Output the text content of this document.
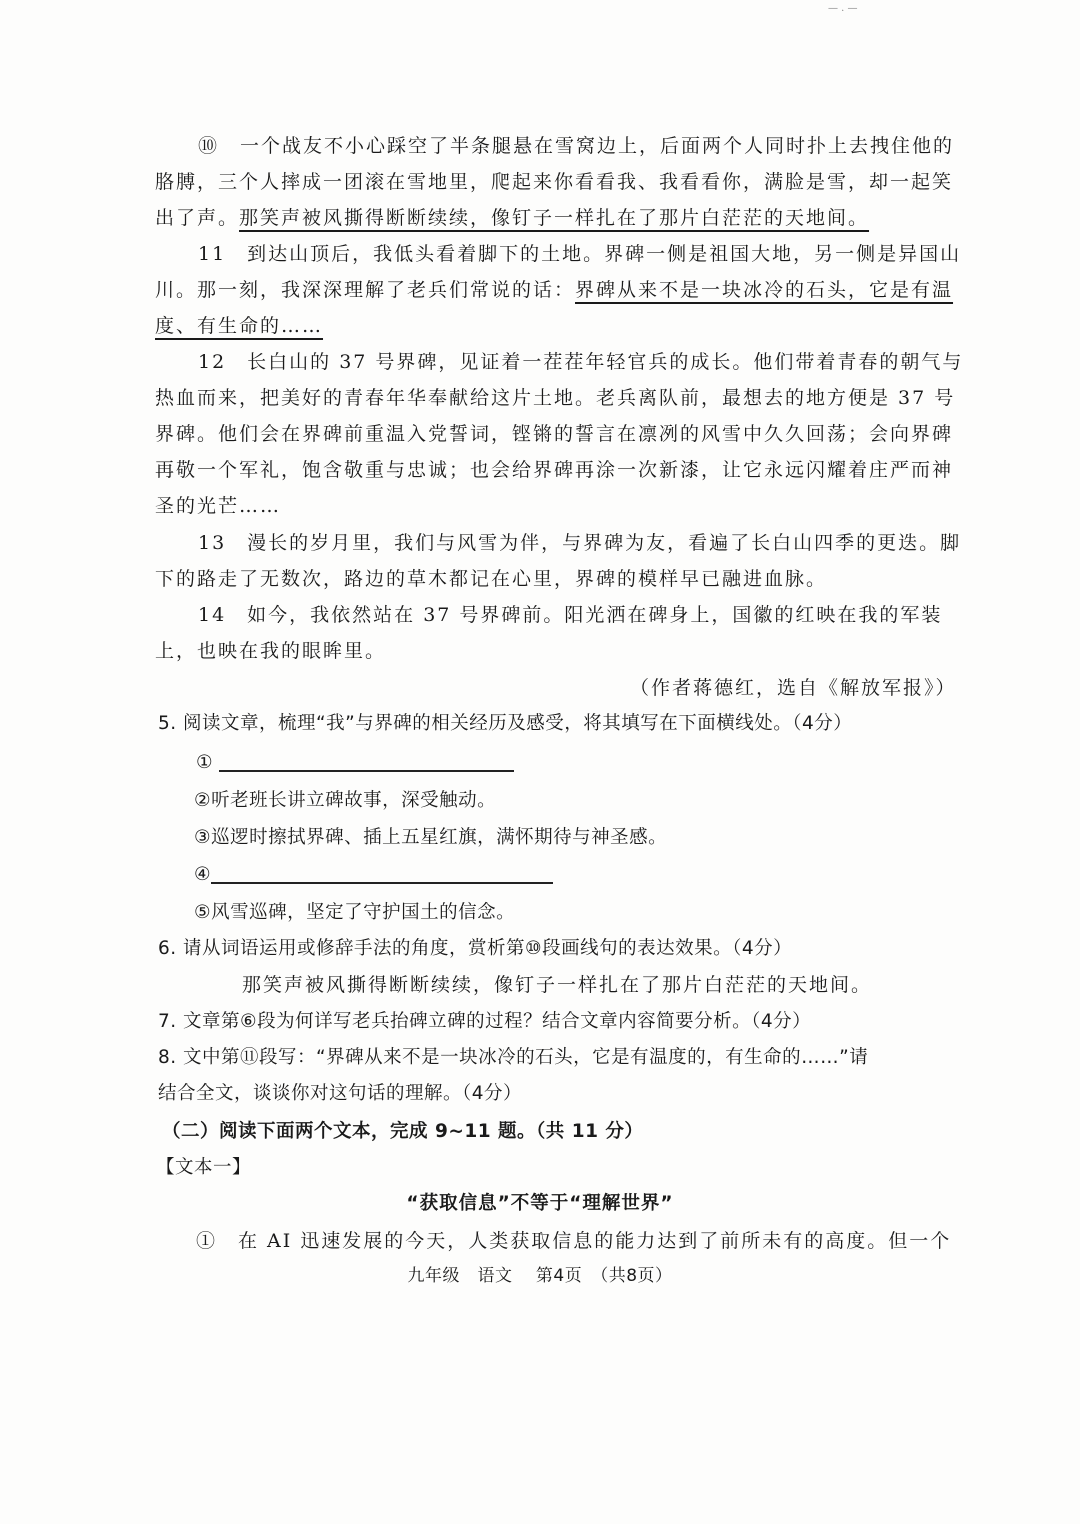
— . —
⑩　一个战友不小心踩空了半条腿悬在雪窝边上，后面两个人同时扑上去拽住他的
胳膊，三个人摔成一团滚在雪地里，爬起来你看看我、我看看你，满脸是雪，却一起笑
出了声。那笑声被风撕得断断续续，像钉子一样扎在了那片白茫茫的天地间。
11　到达山顶后，我低头看着脚下的土地。界碑一侧是祖国大地，另一侧是异国山
川。那一刻，我深深理解了老兵们常说的话：界碑从来不是一块冰冷的石头，它是有温
度、有生命的……
12　长白山的 37 号界碑，见证着一茬茬年轻官兵的成长。他们带着青春的朝气与
热血而来，把美好的青春年华奉献给这片土地。老兵离队前，最想去的地方便是 37 号
界碑。他们会在界碑前重温入党誓词，铿锵的誓言在凛冽的风雪中久久回荡；会向界碑
再敬一个军礼，饱含敬重与忠诚；也会给界碑再涂一次新漆，让它永远闪耀着庄严而神
圣的光芒……
13　漫长的岁月里，我们与风雪为伴，与界碑为友，看遍了长白山四季的更迭。脚
下的路走了无数次，路边的草木都记在心里，界碑的模样早已融进血脉。
14　如今，我依然站在 37 号界碑前。阳光洒在碑身上，国徽的红映在我的军装
上，也映在我的眼眸里。
（作者蒋德红，选自《解放军报》）
5. 阅读文章，梳理“我”与界碑的相关经历及感受，将其填写在下面横线处。（4分）
①
②听老班长讲立碑故事，深受触动。
③巡逻时擦拭界碑、插上五星红旗，满怀期待与神圣感。
④
⑤风雪巡碑，坚定了守护国土的信念。
6. 请从词语运用或修辞手法的角度，赏析第⑩段画线句的表达效果。（4分）
那笑声被风撕得断断续续，像钉子一样扎在了那片白茫茫的天地间。
7. 文章第⑥段为何详写老兵抬碑立碑的过程？结合文章内容简要分析。（4分）
8. 文中第⑪段写：“界碑从来不是一块冰冷的石头，它是有温度的，有生命的……”请
结合全文，谈谈你对这句话的理解。（4分）
（二）阅读下面两个文本，完成 9~11 题。（共 11 分）
【文本一】
“获取信息”不等于“理解世界”
①　在 AI 迅速发展的今天，人类获取信息的能力达到了前所未有的高度。但一个
九年级　语文　 第4页　（共8页）
